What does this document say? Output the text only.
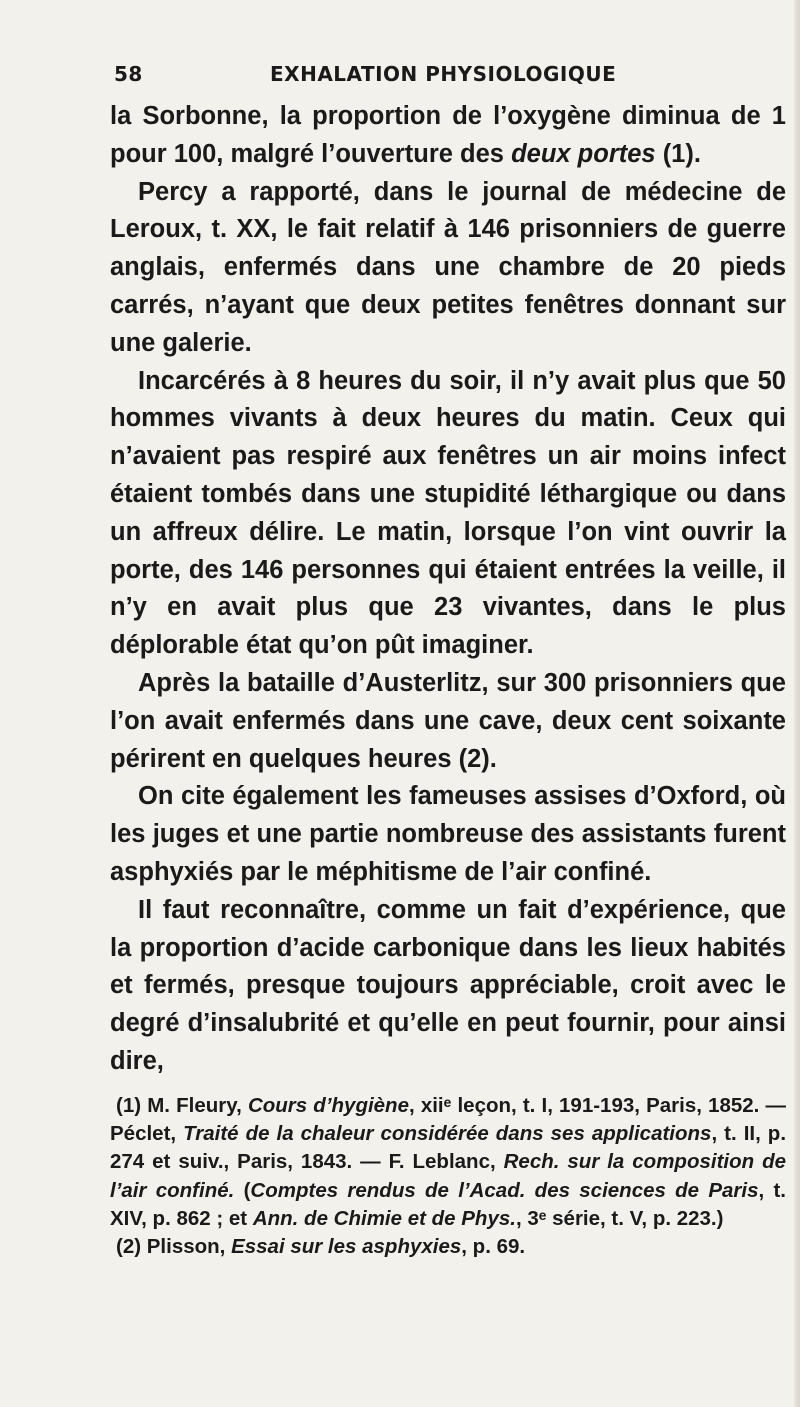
58	EXHALATION PHYSIOLOGIQUE

la Sorbonne, la proportion de l’oxygène diminua de 1 pour 100, malgré l’ouverture des deux portes (1).

Percy a rapporté, dans le journal de médecine de Leroux, t. XX, le fait relatif à 146 prisonniers de guerre anglais, enfermés dans une chambre de 20 pieds carrés, n’ayant que deux petites fenêtres donnant sur une galerie.

Incarcérés à 8 heures du soir, il n’y avait plus que 50 hommes vivants à deux heures du matin. Ceux qui n’avaient pas respiré aux fenêtres un air moins infect étaient tombés dans une stupidité léthargique ou dans un affreux délire. Le matin, lorsque l’on vint ouvrir la porte, des 146 personnes qui étaient entrées la veille, il n’y en avait plus que 23 vivantes, dans le plus déplorable état qu’on pût imaginer.

Après la bataille d’Austerlitz, sur 300 prisonniers que l’on avait enfermés dans une cave, deux cent soixante périrent en quelques heures (2).

On cite également les fameuses assises d’Oxford, où les juges et une partie nombreuse des assistants furent asphyxiés par le méphitisme de l’air confiné.

Il faut reconnaître, comme un fait d’expérience, que la proportion d’acide carbonique dans les lieux habités et fermés, presque toujours appréciable, croit avec le degré d’insalubrité et qu’elle en peut fournir, pour ainsi dire,

(1) M. Fleury, Cours d’hygiène, xiiᵉ leçon, t. I, 191-193, Paris, 1852. — Péclet, Traité de la chaleur considérée dans ses applications, t. II, p. 274 et suiv., Paris, 1843. — F. Leblanc, Rech. sur la composition de l’air confiné. (Comptes rendus de l’Acad. des sciences de Paris, t. XIV, p. 862 ; et Ann. de Chimie et de Phys., 3ᵉ série, t. V, p. 223.)

(2) Plisson, Essai sur les asphyxies, p. 69.
